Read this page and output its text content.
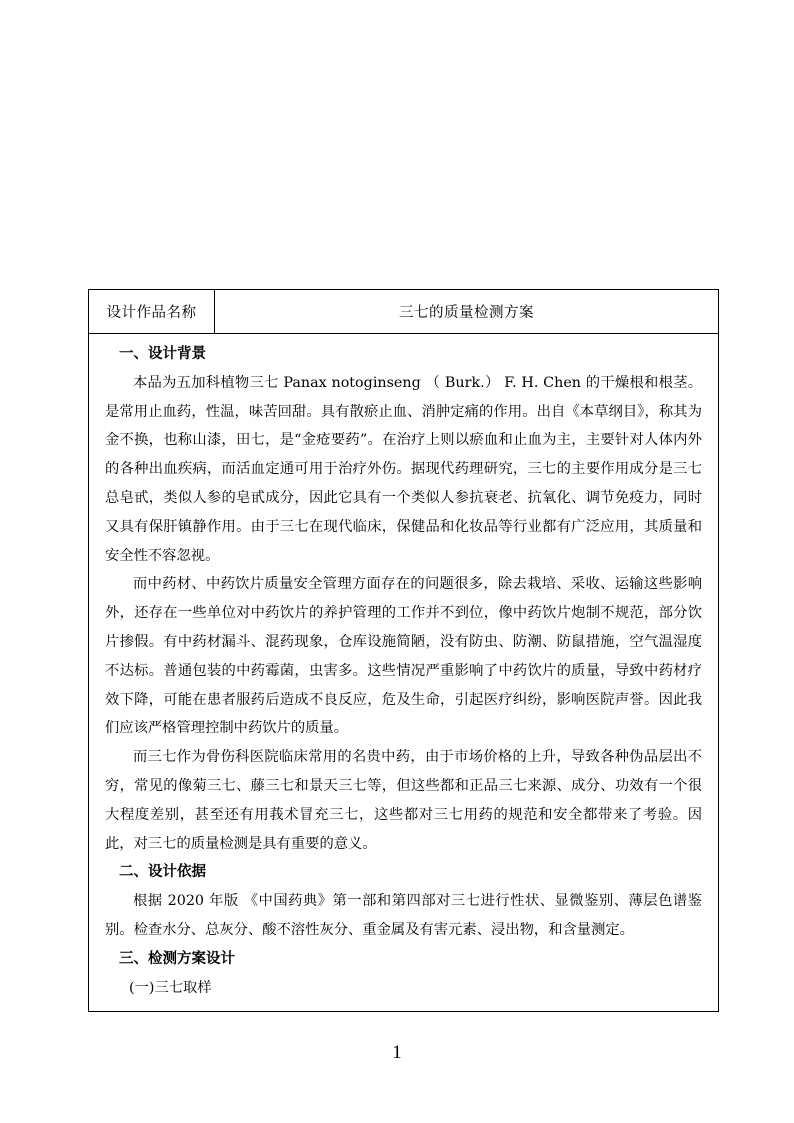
设计作品名称	三七的质量检测方案

一、设计背景

本品为五加科植物三七 Panax notoginseng （ Burk.） F. H. Chen 的干燥根和根茎。是常用止血药，性温，味苦回甜。具有散瘀止血、消肿定痛的作用。出自《本草纲目》，称其为金不换，也称山漆，田七，是“金疮要药”。在治疗上则以瘀血和止血为主，主要针对人体内外的各种出血疾病，而活血定通可用于治疗外伤。据现代药理研究，三七的主要作用成分是三七总皂甙，类似人参的皂甙成分，因此它具有一个类似人参抗衰老、抗氧化、调节免疫力，同时又具有保肝镇静作用。由于三七在现代临床，保健品和化妆品等行业都有广泛应用，其质量和安全性不容忽视。

而中药材、中药饮片质量安全管理方面存在的问题很多，除去栽培、采收、运输这些影响外，还存在一些单位对中药饮片的养护管理的工作并不到位，像中药饮片炮制不规范，部分饮片掺假。有中药材漏斗、混药现象，仓库设施简陋，没有防虫、防潮、防鼠措施，空气温湿度不达标。普通包装的中药霉菌，虫害多。这些情况严重影响了中药饮片的质量，导致中药材疗效下降，可能在患者服药后造成不良反应，危及生命，引起医疗纠纷，影响医院声誉。因此我们应该严格管理控制中药饮片的质量。

而三七作为骨伤科医院临床常用的名贵中药，由于市场价格的上升，导致各种伪品层出不穷，常见的像菊三七、藤三七和景天三七等，但这些都和正品三七来源、成分、功效有一个很大程度差别，甚至还有用莪术冒充三七，这些都对三七用药的规范和安全都带来了考验。因此，对三七的质量检测是具有重要的意义。

二、设计依据

根据 2020 年版 《中国药典》第一部和第四部对三七进行性状、显微鉴别、薄层色谱鉴别。检查水分、总灰分、酸不溶性灰分、重金属及有害元素、浸出物，和含量测定。

三、检测方案设计

(一)三七取样

1
